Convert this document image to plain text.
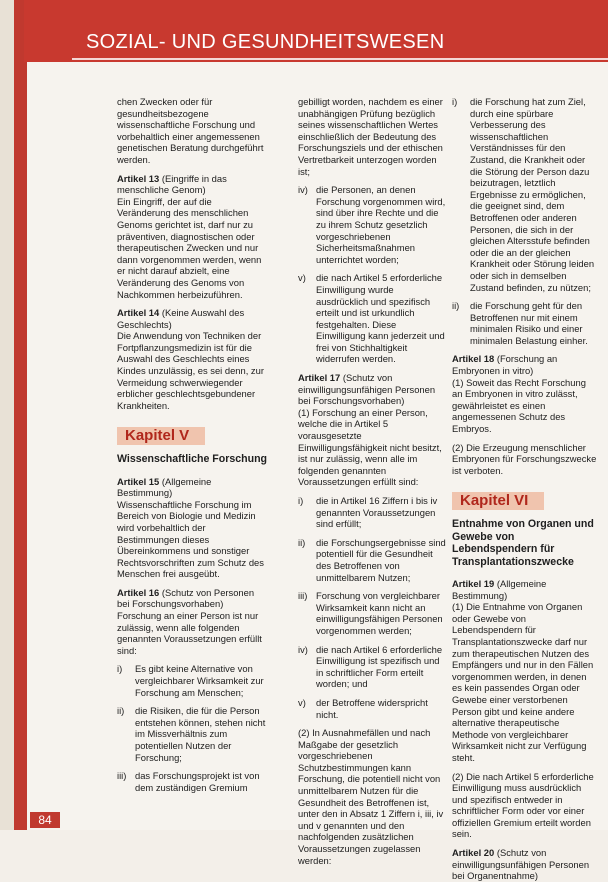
SOZIAL- UND GESUNDHEITSWESEN

chen Zwecken oder für gesundheitsbezogene wissenschaftliche Forschung und vorbehaltlich einer angemessenen genetischen Beratung durchgeführt werden.

Artikel 13 (Eingriffe in das menschliche Genom)

Ein Eingriff, der auf die Veränderung des menschlichen Genoms gerichtet ist, darf nur zu präventiven, diagnostischen oder therapeutischen Zwecken und nur dann vorgenommen werden, wenn er nicht darauf abzielt, eine Veränderung des Genoms von Nachkommen herbeizuführen.

Artikel 14 (Keine Auswahl des Geschlechts)

Die Anwendung von Techniken der Fortpflanzungsmedizin ist für die Auswahl des Geschlechts eines Kindes unzulässig, es sei denn, zur Vermeidung schwerwiegender erblicher geschlechtsgebundener Krankheiten.

Kapitel V
Wissenschaftliche Forschung
Artikel 15 (Allgemeine Bestimmung)

Wissenschaftliche Forschung im Bereich von Biologie und Medizin wird vorbehaltlich der Bestimmungen dieses Übereinkommens und sonstiger Rechtsvorschriften zum Schutz des Menschen frei ausgeübt.

Artikel 16 (Schutz von Personen bei Forschungsvorhaben)

Forschung an einer Person ist nur zulässig, wenn alle folgenden genannten Voraussetzungen erfüllt sind:

i)	Es gibt keine Alternative von vergleichbarer Wirksamkeit zur Forschung am Menschen;
ii)	die Risiken, die für die Person entstehen können, stehen nicht im Missverhältnis zum potentiellen Nutzen der Forschung;
iii) das Forschungsprojekt ist von dem zuständigen Gremium

gebilligt worden, nachdem es einer unabhängigen Prüfung bezüglich seines wissenschaftlichen Wertes einschließlich der Bedeutung des Forschungsziels und der ethischen Vertretbarkeit unterzogen worden ist;

iv) die Personen, an denen Forschung vorgenommen wird, sind über ihre Rechte und die zu ihrem Schutz gesetzlich vorgeschriebenen Sicherheitsmaßnahmen unterrichtet worden;
v)	die nach Artikel 5 erforderliche Einwilligung wurde ausdrücklich und spezifisch erteilt und ist urkundlich festgehalten. Diese Einwilligung kann jederzeit und frei von Stichhaltigkeit widerrufen werden.
Artikel 17 (Schutz von einwilligungsunfähigen Personen bei Forschungsvorhaben)

(1) Forschung an einer Person, welche die in Artikel 5 vorausgesetzte Einwilligungsfähigkeit nicht besitzt, ist nur zulässig, wenn alle im folgenden genannten Voraussetzungen erfüllt sind:

i)	die in Artikel 16 Ziffern i bis iv genannten Voraussetzungen sind erfüllt;
ii)	die Forschungsergebnisse sind potentiell für die Gesundheit des Betroffenen von unmittelbarem Nutzen;
iii) Forschung von vergleichbarer Wirksamkeit kann nicht an einwilligungsfähigen Personen vorgenommen werden;
iv) die nach Artikel 6 erforderliche Einwilligung ist spezifisch und in schriftlicher Form erteilt worden; und
v)	der Betroffene widerspricht nicht.

(2) In Ausnahmefällen und nach Maßgabe der gesetzlich vorgeschriebenen Schutzbestimmungen kann Forschung, die potentiell nicht von unmittelbarem Nutzen für die Gesundheit des Betroffenen ist, unter den in Absatz 1 Ziffern i, iii, iv und v genannten und den nachfolgenden zusätzlichen Voraussetzungen zugelassen werden:

i)	die Forschung hat zum Ziel, durch eine spürbare Verbesserung des wissenschaftlichen Verständnisses für den Zustand, die Krankheit oder die Störung der Person dazu beizutragen, letztlich Ergebnisse zu ermöglichen, die geeignet sind, dem Betroffenen oder anderen Personen, die sich in der gleichen Altersstufe befinden oder die an der gleichen Krankheit oder Störung leiden oder sich in demselben Zustand befinden, zu nützen;
ii)	die Forschung geht für den Betroffenen nur mit einem minimalen Risiko und einer minimalen Belastung einher.
Artikel 18 (Forschung an Embryonen in vitro)

(1) Soweit das Recht Forschung an Embryonen in vitro zulässt, gewährleistet es einen angemessenen Schutz des Embryos.

(2) Die Erzeugung menschlicher Embryonen für Forschungszwecke ist verboten.

Kapitel VI
Entnahme von Organen und Gewebe von Lebendspendern für Transplantationszwecke
Artikel 19 (Allgemeine Bestimmung)

(1) Die Entnahme von Organen oder Gewebe von Lebendspendern für Transplantationszwecke darf nur zum therapeutischen Nutzen des Empfängers und nur in den Fällen vorgenommen werden, in denen es kein passendes Organ oder Gewebe einer verstorbenen Person gibt und keine andere alternative therapeutische Methode von vergleichbarer Wirksamkeit nicht zur Verfügung steht.

(2) Die nach Artikel 5 erforderliche Einwilligung muss ausdrücklich und spezifisch entweder in schriftlicher Form oder vor einer offiziellen Gremium erteilt worden sein.

Artikel 20 (Schutz von einwilligungsunfähigen Personen bei Organentnahme)
84
